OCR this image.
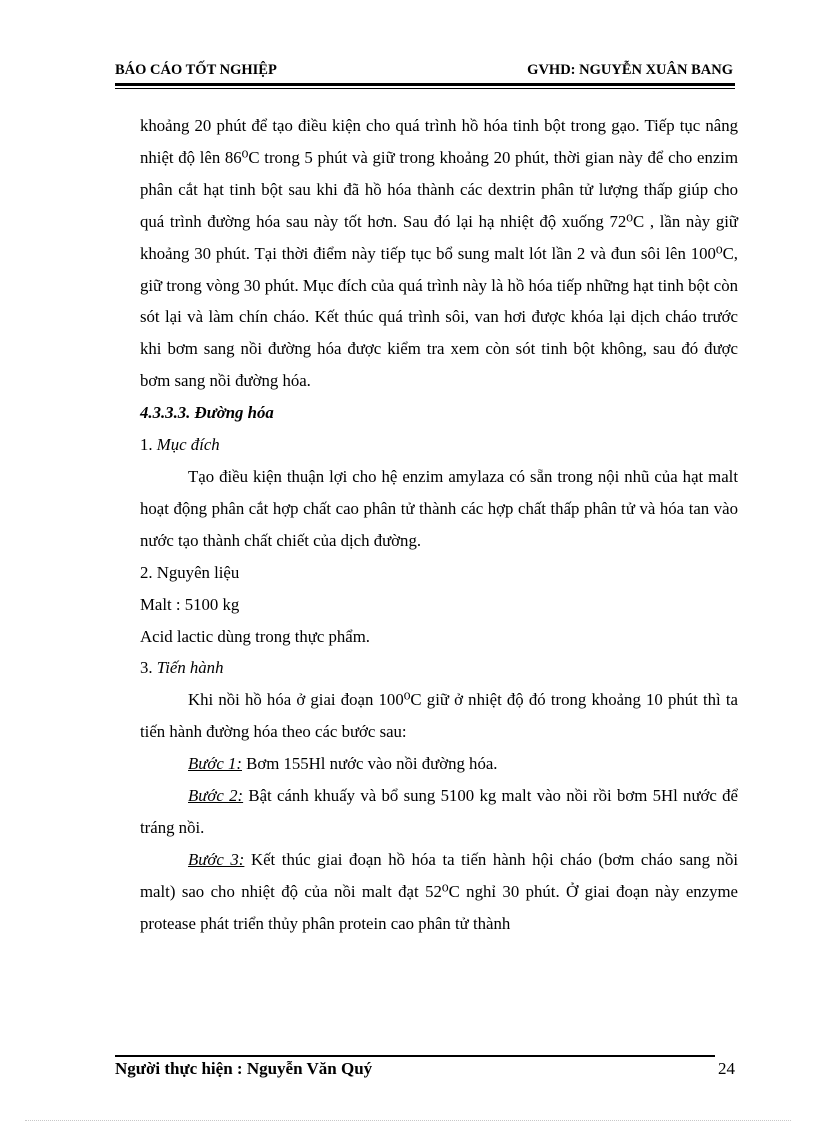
BÁO CÁO TỐT NGHIỆP	GVHD: NGUYỄN XUÂN BANG

khoảng 20 phút để tạo điều kiện cho quá trình hồ hóa tinh bột trong gạo. Tiếp tục nâng nhiệt độ lên 86⁰C trong 5 phút và giữ trong khoảng 20 phút, thời gian này để cho enzim phân cắt hạt tinh bột sau khi đã hồ hóa thành các dextrin phân tử lượng thấp giúp cho quá trình đường hóa sau này tốt hơn. Sau đó lại hạ nhiệt độ xuống 72⁰C , lần này giữ khoảng 30 phút. Tại thời điểm này tiếp tục bổ sung malt lót lần 2 và đun sôi lên 100⁰C, giữ trong vòng 30 phút. Mục đích của quá trình này là hồ hóa tiếp những hạt tinh bột còn sót lại và làm chín cháo. Kết thúc quá trình sôi, van hơi được khóa lại dịch cháo trước khi bơm sang nồi đường hóa được kiểm tra xem còn sót tinh bột không, sau đó được bơm sang nồi đường hóa.

4.3.3.3. Đường hóa

1. Mục đích

Tạo điều kiện thuận lợi cho hệ enzim amylaza có sẵn trong nội nhũ của hạt malt hoạt động phân cắt hợp chất cao phân tử thành các hợp chất thấp phân tử và hóa tan vào nước tạo thành chất chiết của dịch đường.

2. Nguyên liệu

Malt : 5100 kg

Acid lactic dùng trong thực phẩm.

3. Tiến hành

Khi nồi hồ hóa ở giai đoạn 100⁰C giữ ở nhiệt độ đó trong khoảng 10 phút thì ta tiến hành đường hóa theo các bước sau:

Bước 1: Bơm 155Hl nước vào nồi đường hóa.

Bước 2: Bật cánh khuấy và bổ sung 5100 kg malt vào nồi rồi bơm 5Hl nước để tráng nồi.

Bước 3: Kết thúc giai đoạn hồ hóa ta tiến hành hội cháo (bơm cháo sang nồi malt) sao cho nhiệt độ của nồi malt đạt 52⁰C nghỉ 30 phút. Ở giai đoạn này enzyme protease phát triển thủy phân protein cao phân tử thành

Người thực hiện : Nguyễn Văn Quý	24
